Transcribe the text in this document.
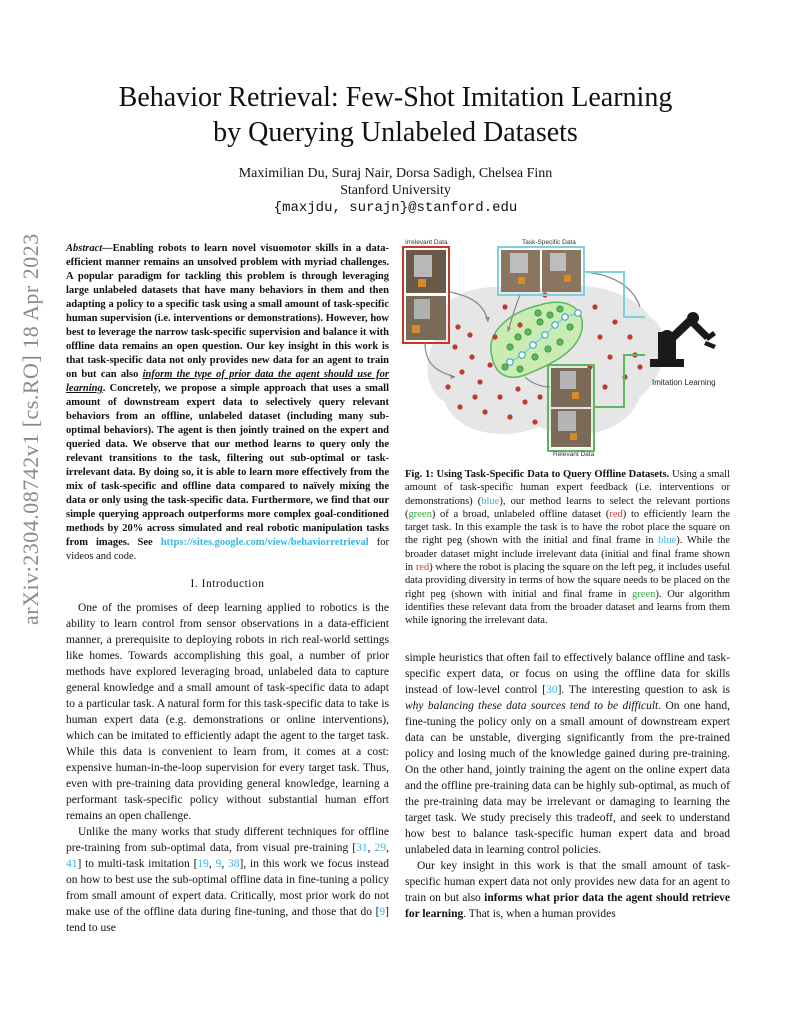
arXiv:2304.08742v1 [cs.RO] 18 Apr 2023
Behavior Retrieval: Few-Shot Imitation Learning
by Querying Unlabeled Datasets
Maximilian Du, Suraj Nair, Dorsa Sadigh, Chelsea Finn
Stanford University
{maxjdu, surajn}@stanford.edu
Abstract—Enabling robots to learn novel visuomotor skills in a data-efficient manner remains an unsolved problem with myriad challenges. A popular paradigm for tackling this problem is through leveraging large unlabeled datasets that have many behaviors in them and then adapting a policy to a specific task using a small amount of task-specific human supervision (i.e. interventions or demonstrations). However, how best to leverage the narrow task-specific supervision and balance it with offline data remains an open question. Our key insight in this work is that task-specific data not only provides new data for an agent to train on but can also inform the type of prior data the agent should use for learning. Concretely, we propose a simple approach that uses a small amount of downstream expert data to selectively query relevant behaviors from an offline, unlabeled dataset (including many sub-optimal behaviors). The agent is then jointly trained on the expert and queried data. We observe that our method learns to query only the relevant transitions to the task, filtering out sub-optimal or task-irrelevant data. By doing so, it is able to learn more effectively from the mix of task-specific and offline data compared to naïvely mixing the data or only using the task-specific data. Furthermore, we find that our simple querying approach outperforms more complex goal-conditioned methods by 20% across simulated and real robotic manipulation tasks from images. See https://sites.google.com/view/behaviorretrieval for videos and code.
I. Introduction

One of the promises of deep learning applied to robotics is the ability to learn control from sensor observations in a data-efficient manner, a prerequisite to deploying robots in rich real-world settings like homes. Towards accomplishing this goal, a number of prior methods have explored leveraging broad, unlabeled data to capture general knowledge and a small amount of task-specific data to adapt to a particular task. A natural form for this task-specific data to take is human expert data (e.g. demonstrations or online interventions), which can be imitated to efficiently adapt the agent to the target task. While this data is convenient to learn from, it comes at a cost: expensive human-in-the-loop supervision for every target task. Thus, even with pre-training data providing general knowledge, learning a performant task-specific policy without substantial human effort remains an open challenge.

Unlike the many works that study different techniques for offline pre-training from sub-optimal data, from visual pre-training [31, 29, 41] to multi-task imitation [19, 9, 38], in this work we focus instead on how to best use the sub-optimal offline data in fine-tuning a policy from small amount of expert data. Critically, most prior work do not make use of the offline data during fine-tuning, and those that do [9] tend to use

Irrelevant Data	Task-Specific Data
Relevant Data
Imitation Learning
Fig. 1: Using Task-Specific Data to Query Offline Datasets. Using a small amount of task-specific human expert feedback (i.e. interventions or demonstrations) (blue), our method learns to select the relevant portions (green) of a broad, unlabeled offline dataset (red) to efficiently learn the target task. In this example the task is to have the robot place the square on the right peg (shown with the initial and final frame in blue). While the broader dataset might include irrelevant data (initial and final frame shown in red) where the robot is placing the square on the left peg, it includes useful data providing diversity in terms of how the square needs to be placed on the right peg (shown with initial and final frame in green). Our algorithm identifies these relevant data from the broader dataset and learns from them while ignoring the irrelevant data.

simple heuristics that often fail to effectively balance offline and task-specific expert data, or focus on using the offline data for skills instead of low-level control [30]. The interesting question to ask is why balancing these data sources tend to be difficult. On one hand, fine-tuning the policy only on a small amount of downstream expert data can be unstable, diverging significantly from the pre-trained policy and losing much of the knowledge gained during pre-training. On the other hand, jointly training the agent on the online expert data and the offline pre-training data can be highly sub-optimal, as much of the pre-training data may be irrelevant or damaging to learning the target task. We study precisely this tradeoff, and seek to understand how best to balance task-specific human expert data and broad unlabeled data in learning control policies.

Our key insight in this work is that the small amount of task-specific human expert data not only provides new data for an agent to train on but also informs what prior data the agent should retrieve for learning. That is, when a human provides
